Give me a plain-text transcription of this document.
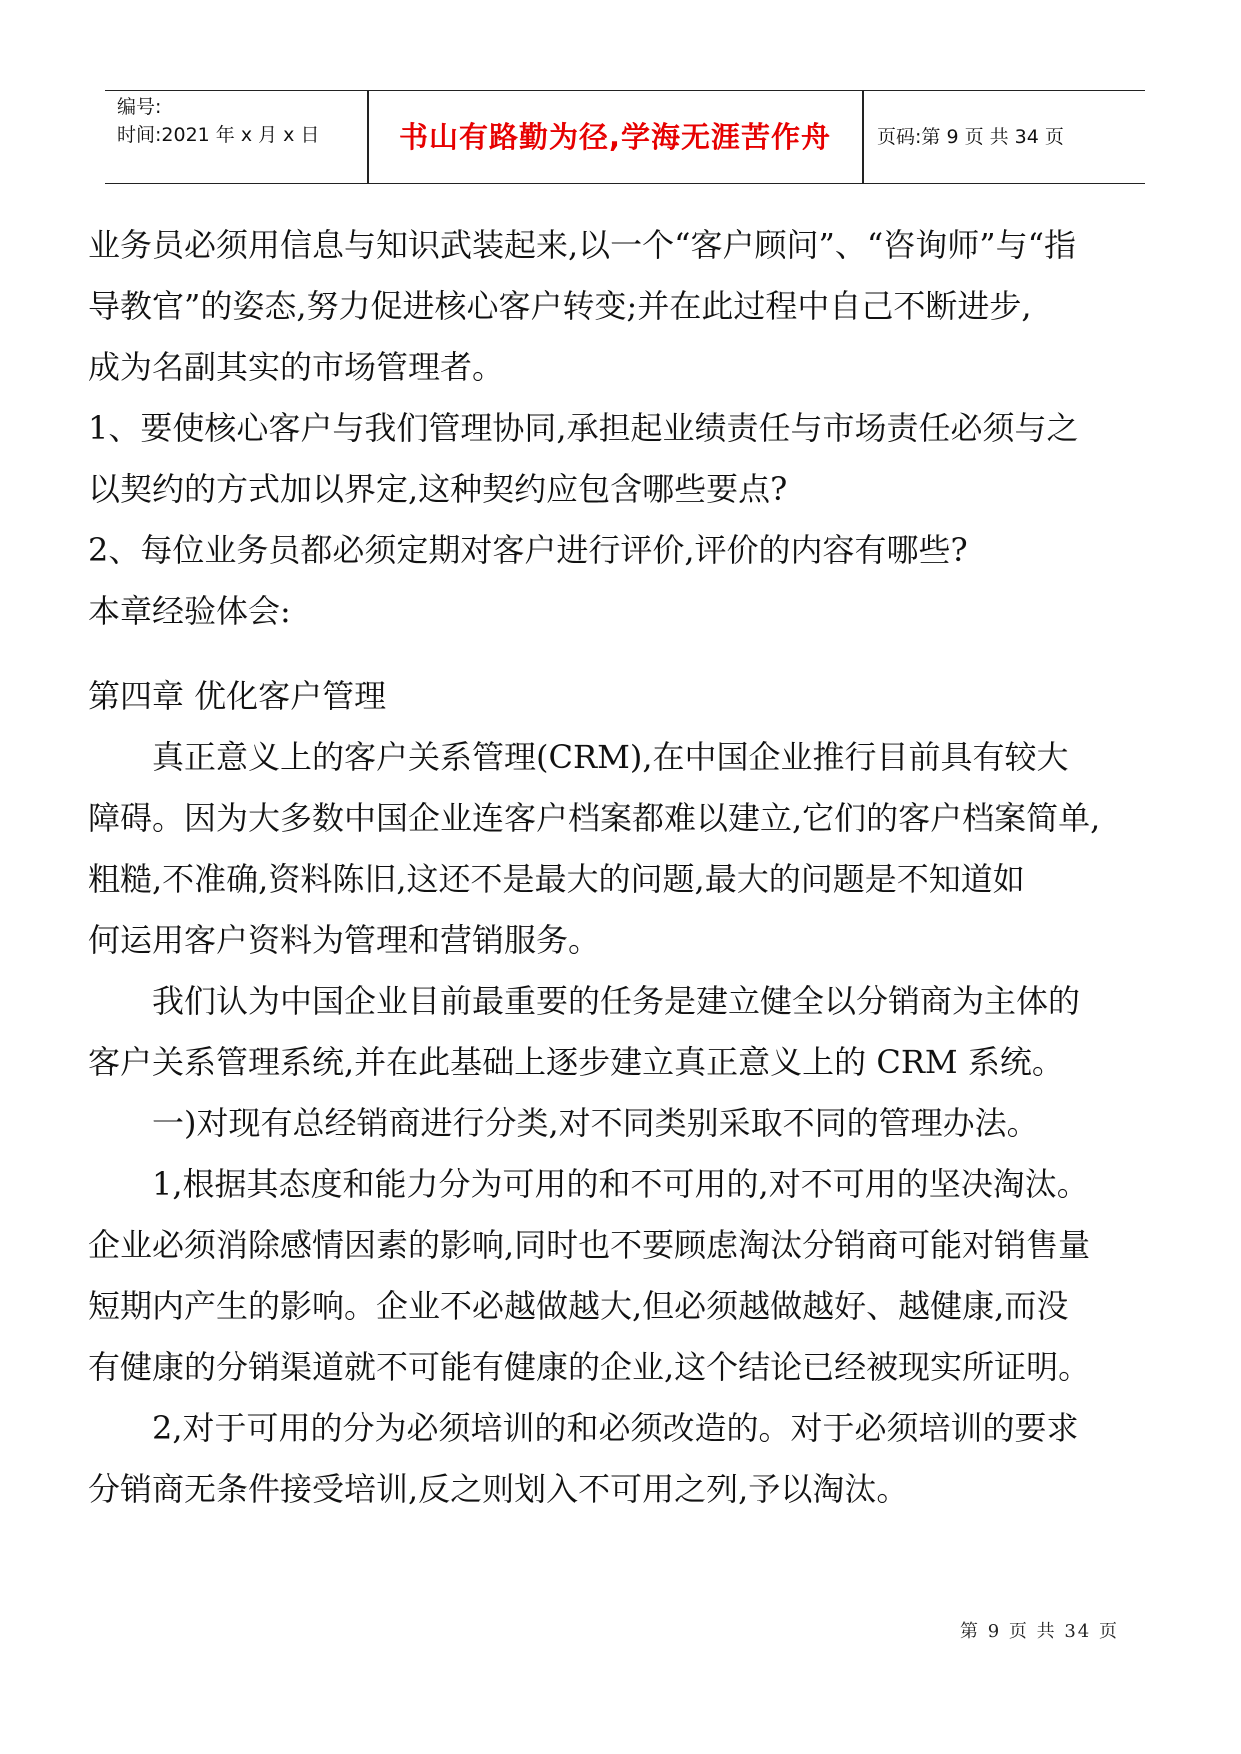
编号:
时间:2021 年 x 月 x 日	书山有路勤为径,学海无涯苦作舟	页码:第 9 页 共 34 页
业务员必须用信息与知识武装起来,以一个“客户顾问”、“咨询师”与“指
导教官”的姿态,努力促进核心客户转变;并在此过程中自己不断进步,
成为名副其实的市场管理者。
1、要使核心客户与我们管理协同,承担起业绩责任与市场责任必须与之
以契约的方式加以界定,这种契约应包含哪些要点?
2、每位业务员都必须定期对客户进行评价,评价的内容有哪些?
本章经验体会:
第四章 优化客户管理
真正意义上的客户关系管理(CRM),在中国企业推行目前具有较大
障碍。因为大多数中国企业连客户档案都难以建立,它们的客户档案简单,
粗糙,不准确,资料陈旧,这还不是最大的问题,最大的问题是不知道如
何运用客户资料为管理和营销服务。
我们认为中国企业目前最重要的任务是建立健全以分销商为主体的
客户关系管理系统,并在此基础上逐步建立真正意义上的 CRM 系统。
一)对现有总经销商进行分类,对不同类别采取不同的管理办法。
1,根据其态度和能力分为可用的和不可用的,对不可用的坚决淘汰。
企业必须消除感情因素的影响,同时也不要顾虑淘汰分销商可能对销售量
短期内产生的影响。企业不必越做越大,但必须越做越好、越健康,而没
有健康的分销渠道就不可能有健康的企业,这个结论已经被现实所证明。
2,对于可用的分为必须培训的和必须改造的。对于必须培训的要求
分销商无条件接受培训,反之则划入不可用之列,予以淘汰。
第 9 页 共 34 页
